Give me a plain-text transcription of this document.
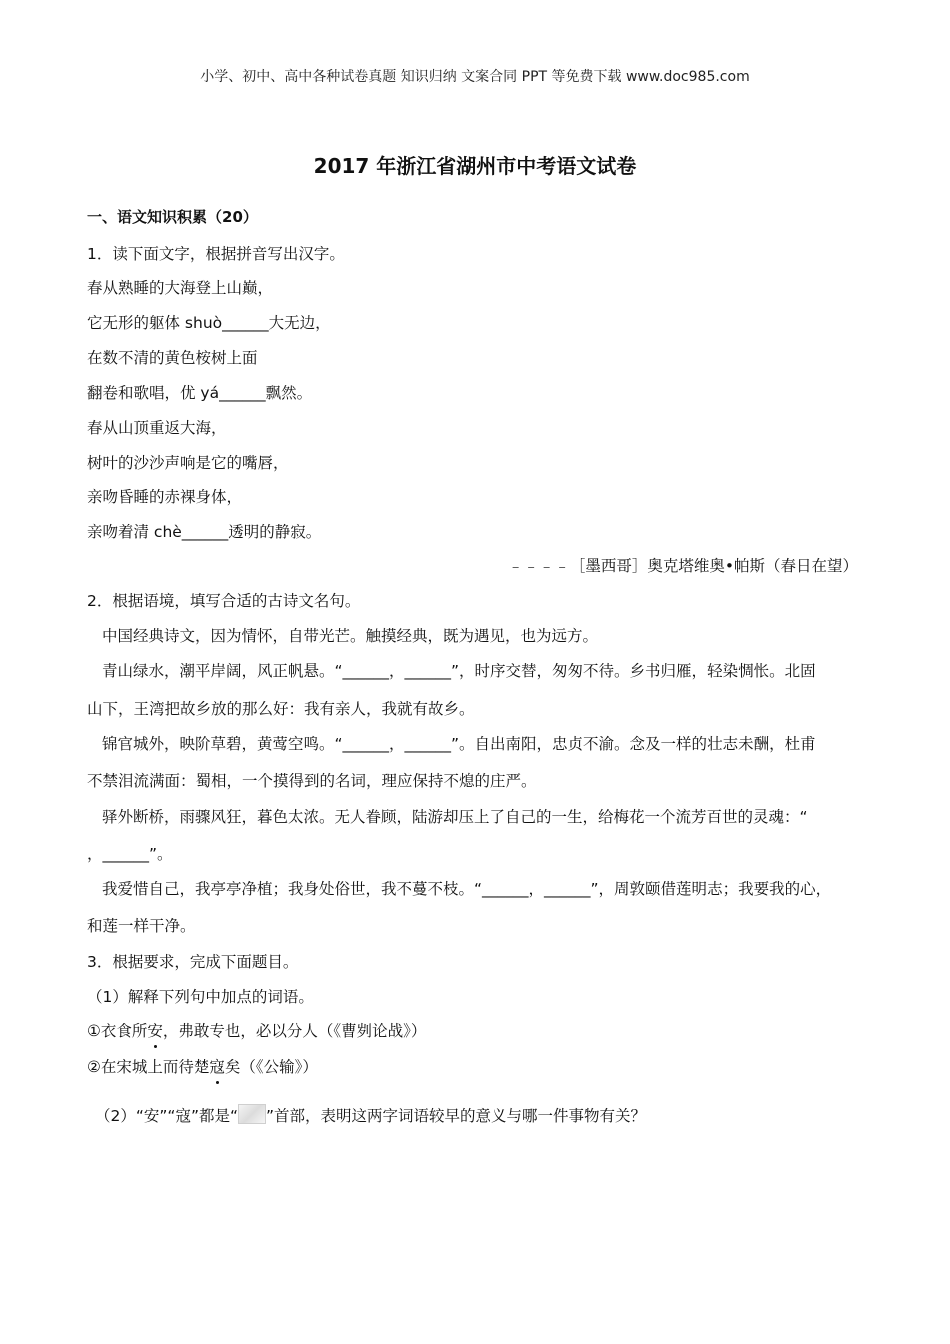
小学、初中、高中各种试卷真题 知识归纳 文案合同 PPT 等免费下载 www.doc985.com
2017 年浙江省湖州市中考语文试卷
一、语文知识积累（20）
1．读下面文字，根据拼音写出汉字。
春从熟睡的大海登上山巅，
它无形的躯体 shuò______大无边，
在数不清的黄色桉树上面
翻卷和歌唱，优 yá______飘然。
春从山顶重返大海，
树叶的沙沙声响是它的嘴唇，
亲吻昏睡的赤裸身体，
亲吻着清 chè______透明的静寂。
﹣﹣﹣﹣［墨西哥］奥克塔维奥•帕斯（春日在望）
2．根据语境，填写合适的古诗文名句。
中国经典诗文，因为情怀，自带光芒。触摸经典，既为遇见，也为远方。
青山绿水，潮平岸阔，风正帆悬。“______，______”，时序交替，匆匆不待。乡书归雁，轻染惆怅。北固
山下，王湾把故乡放的那么好：我有亲人，我就有故乡。
锦官城外，映阶草碧，黄莺空鸣。“______，______”。自出南阳，忠贞不渝。念及一样的壮志未酬，杜甫
不禁泪流满面：蜀相，一个摸得到的名词，理应保持不熄的庄严。
驿外断桥，雨骤风狂，暮色太浓。无人眷顾，陆游却压上了自己的一生，给梅花一个流芳百世的灵魂：“
，______”。
我爱惜自己，我亭亭净植；我身处俗世，我不蔓不枝。“______，______”，周敦颐借莲明志；我要我的心，
和莲一样干净。
3．根据要求，完成下面题目。
（1）解释下列句中加点的词语。
①衣食所安，弗敢专也，必以分人（《曹刿论战》）
②在宋城上而待楚寇矣（《公输》）
（2）“安”“寇”都是“ ”首部，表明这两字词语较早的意义与哪一件事物有关？
